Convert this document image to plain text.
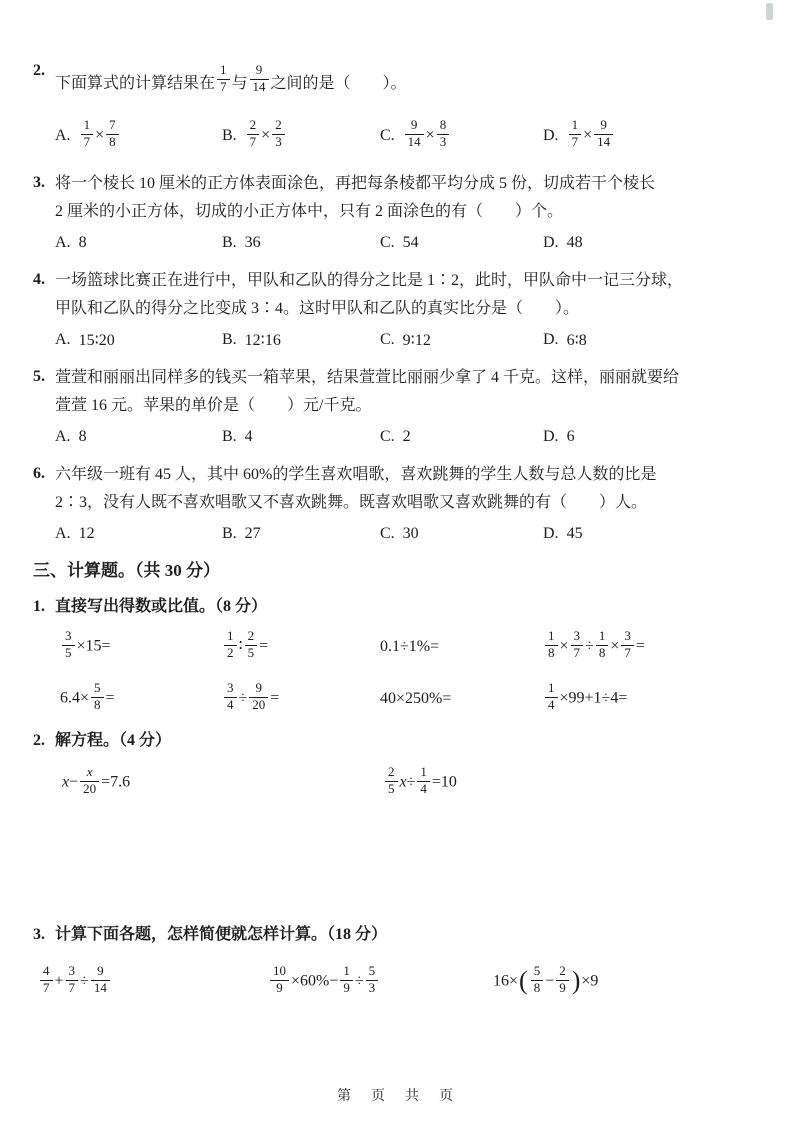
2.
下面算式的计算结果在 $\frac{1}{7}$ 与 $\frac{9}{14}$ 之间的是（　　）。
A. $\frac{1}{7} \times \frac{7}{8}$	B. $\frac{2}{7} \times \frac{2}{3}$	C. $\frac{9}{14} \times \frac{8}{3}$	D. $\frac{1}{7} \times \frac{9}{14}$
3. 将一个棱长 10 厘米的正方体表面涂色，再把每条棱都平均分成 5 份，切成若干个棱长
2 厘米的小正方体，切成的小正方体中，只有 2 面涂色的有（　　）个。
A. 8	B. 36	C. 54	D. 48
4. 一场篮球比赛正在进行中，甲队和乙队的得分之比是 1∶2，此时，甲队命中一记三分球，
甲队和乙队的得分之比变成 3∶4。这时甲队和乙队的真实比分是（　　）。
A. 15∶20	B. 12∶16	C. 9∶12	D. 6∶8
5. 萱萱和丽丽出同样多的钱买一箱苹果，结果萱萱比丽丽少拿了 4 千克。这样，丽丽就要给
萱萱 16 元。苹果的单价是（　　）元/千克。
A. 8	B. 4	C. 2	D. 6
6. 六年级一班有 45 人，其中 60%的学生喜欢唱歌，喜欢跳舞的学生人数与总人数的比是
2∶3，没有人既不喜欢唱歌又不喜欢跳舞。既喜欢唱歌又喜欢跳舞的有（　　）人。
A. 12	B. 27	C. 30	D. 45
三、计算题。（共 30 分）
1. 直接写出得数或比值。（8 分）
$\frac{3}{5} \times 15=$	$\frac{1}{2}$ ∶ $\frac{2}{5}$ =	0.1÷1%=	$\frac{1}{8} \times \frac{3}{7} \div \frac{1}{8} \times \frac{3}{7}$ =
$6.4\times \frac{5}{8}$ =	$\frac{3}{4} \div \frac{9}{20}$ =	40×250%=	$\frac{1}{4} \times 99+1\div 4=$
2. 解方程。（4 分）
$x- \frac{x}{20} =7.6$	$\frac{2}{5} x\div \frac{1}{4} =10$
3. 计算下面各题，怎样简便就怎样计算。（18 分）
$\frac{4}{7} + \frac{3}{7} \div \frac{9}{14}$	$\frac{10}{9} \times 60\%- \frac{1}{9} \div \frac{5}{3}$	$16\times( \frac{5}{8} - \frac{2}{9} )\times 9$
第　页　共　页
